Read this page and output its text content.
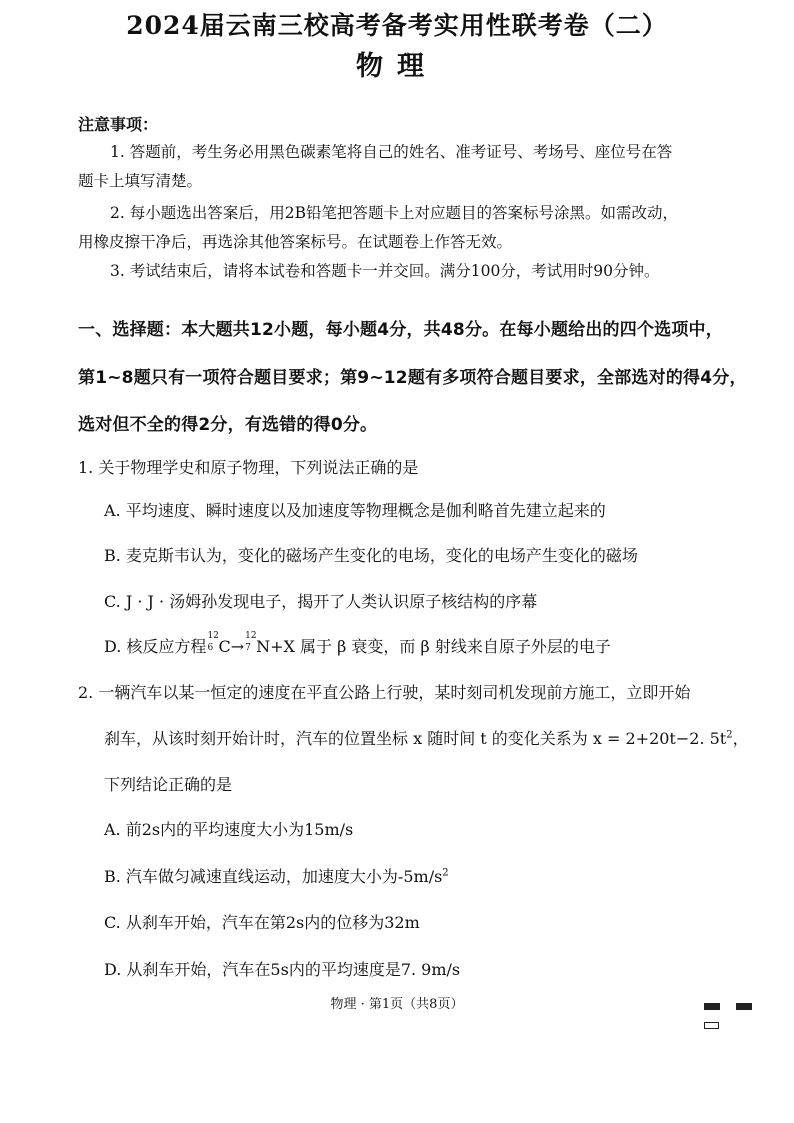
2024届云南三校高考备考实用性联考卷（二）
物理
注意事项：
1. 答题前，考生务必用黑色碳素笔将自己的姓名、准考证号、考场号、座位号在答
题卡上填写清楚。
2. 每小题选出答案后，用2B铅笔把答题卡上对应题目的答案标号涂黑。如需改动，
用橡皮擦干净后，再选涂其他答案标号。在试题卷上作答无效。
3. 考试结束后，请将本试卷和答题卡一并交回。满分100分，考试用时90分钟。
一、选择题：本大题共12小题，每小题4分，共48分。在每小题给出的四个选项中，
第1~8题只有一项符合题目要求；第9~12题有多项符合题目要求，全部选对的得4分，
选对但不全的得2分，有选错的得0分。
1. 关于物理学史和原子物理，下列说法正确的是
A. 平均速度、瞬时速度以及加速度等物理概念是伽利略首先建立起来的
B. 麦克斯韦认为，变化的磁场产生变化的电场，变化的电场产生变化的磁场
C. J · J · 汤姆孙发现电子，揭开了人类认识原子核结构的序幕
D. 核反应方程
12
6 C→
12
7 N+X 属于 β 衰变，而 β 射线来自原子外层的电子
2. 一辆汽车以某一恒定的速度在平直公路上行驶，某时刻司机发现前方施工，立即开始
刹车，从该时刻开始计时，汽车的位置坐标 x 随时间 t 的变化关系为 x = 2+20t−2. $5t^2$，
下列结论正确的是
A. 前2s内的平均速度大小为15m/s
B. 汽车做匀减速直线运动，加速度大小为$-5m/s^2$
C. 从刹车开始，汽车在第2s内的位移为32m
D. 从刹车开始，汽车在5s内的平均速度是7. 9m/s
物理 · 第1页（共8页）
